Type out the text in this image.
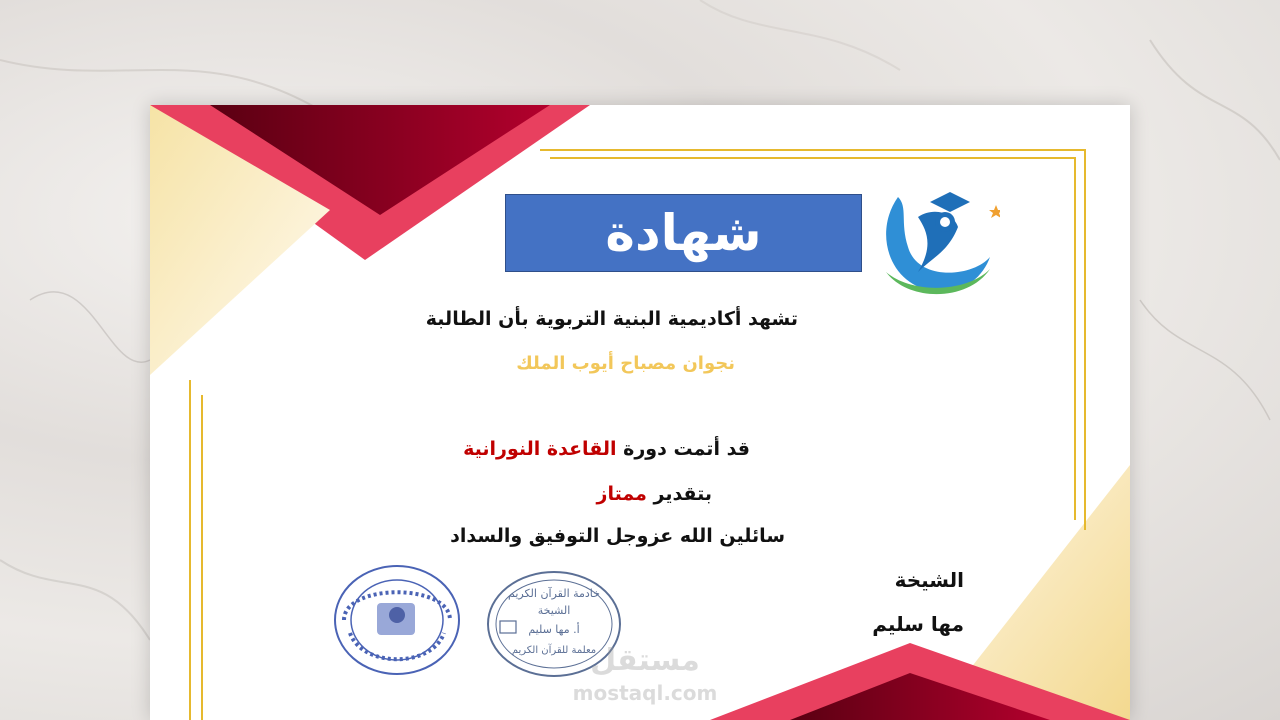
شهادة
تشهد أكاديمية البنية التربوية بأن الطالبة
نجوان مصباح أيوب الملك
قد أتمت دورة القاعدة النورانية
بتقدير ممتاز
سائلين الله عزوجل التوفيق والسداد
الشيخة
مها سليم
خادمة القرآن الكريم
الشيخة
أ. مها سليم
معلمة للقرآن الكريم
مستقل
mostaql.com
